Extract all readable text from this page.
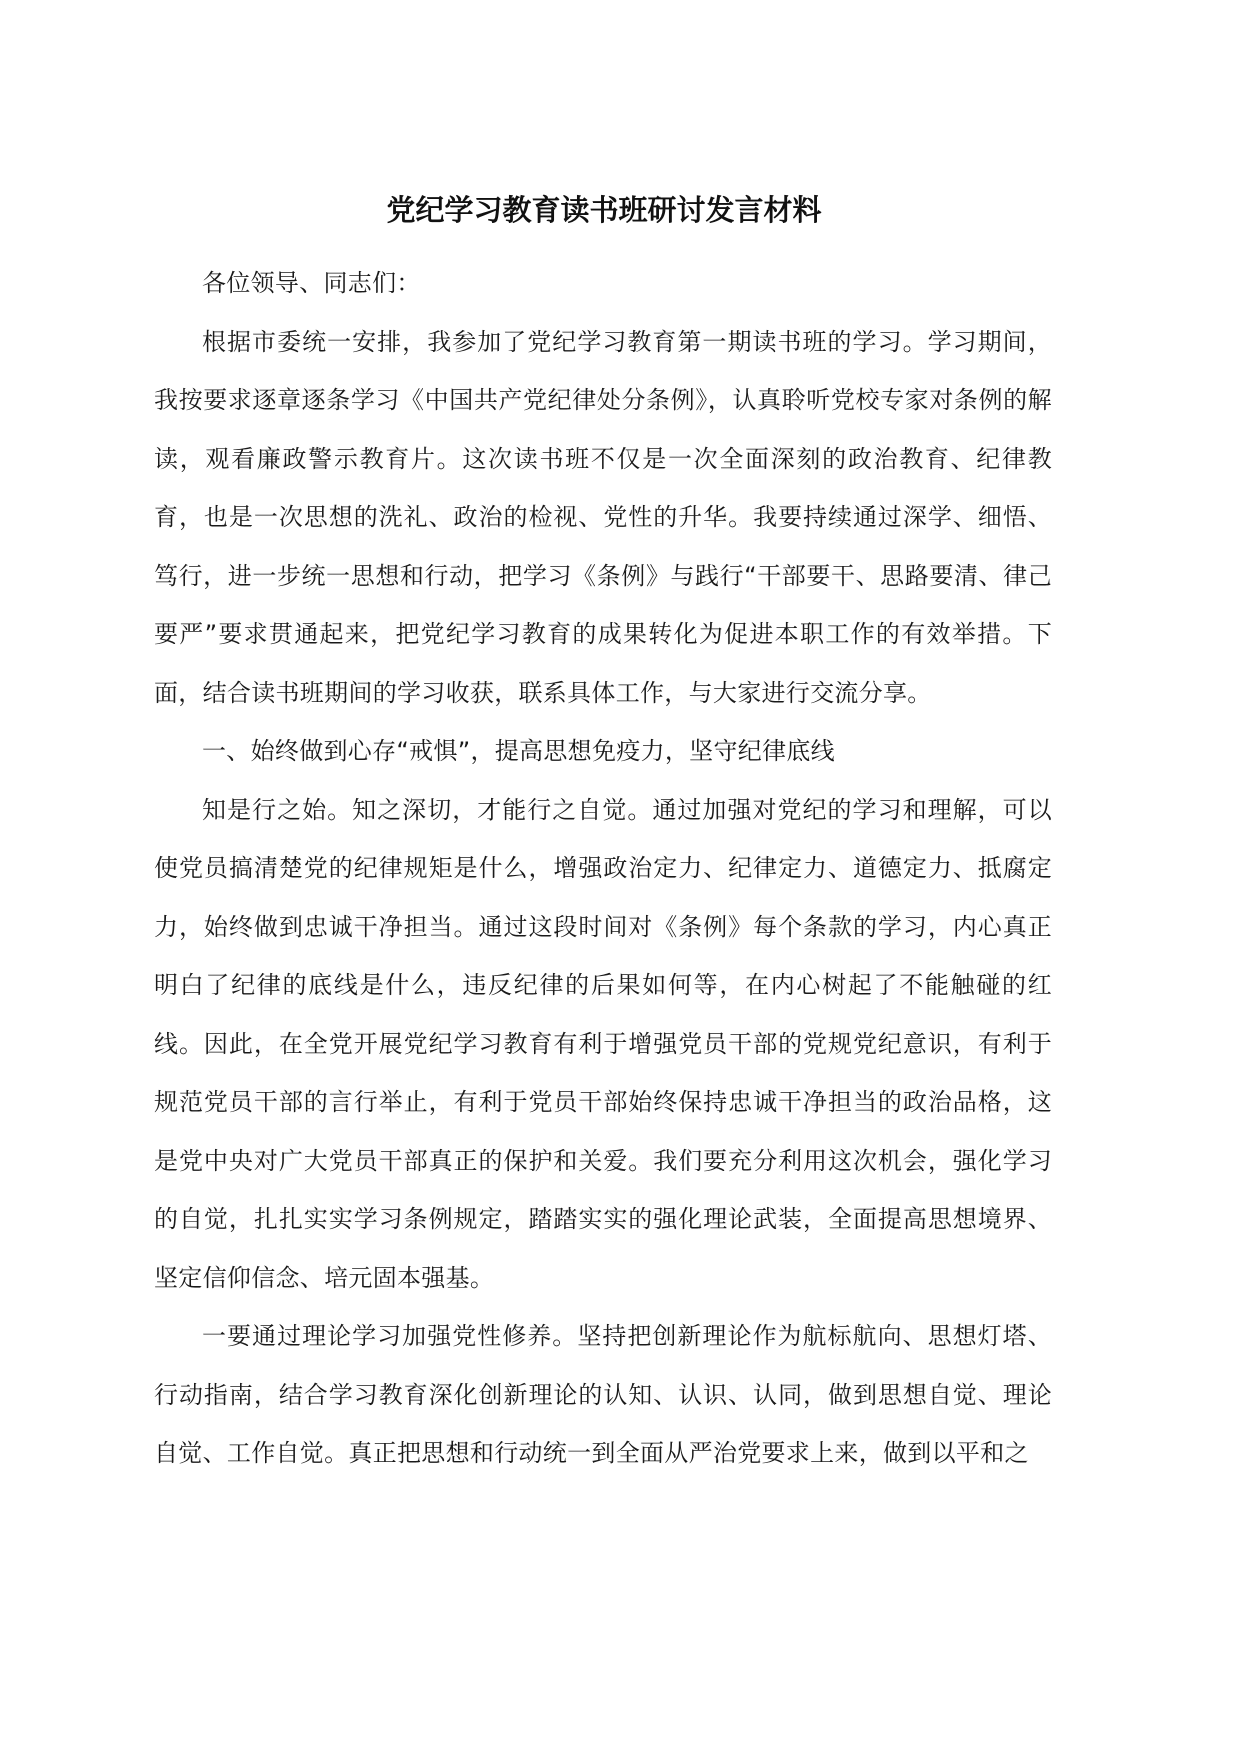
党纪学习教育读书班研讨发言材料

各位领导、同志们：

根据市委统一安排，我参加了党纪学习教育第一期读书班的学习。学习期间，我按要求逐章逐条学习《中国共产党纪律处分条例》，认真聆听党校专家对条例的解读，观看廉政警示教育片。这次读书班不仅是一次全面深刻的政治教育、纪律教育，也是一次思想的洗礼、政治的检视、党性的升华。我要持续通过深学、细悟、笃行，进一步统一思想和行动，把学习《条例》与践行“干部要干、思路要清、律己要严”要求贯通起来，把党纪学习教育的成果转化为促进本职工作的有效举措。下面，结合读书班期间的学习收获，联系具体工作，与大家进行交流分享。

一、始终做到心存“戒惧”，提高思想免疫力，坚守纪律底线

知是行之始。知之深切，才能行之自觉。通过加强对党纪的学习和理解，可以使党员搞清楚党的纪律规矩是什么，增强政治定力、纪律定力、道德定力、抵腐定力，始终做到忠诚干净担当。通过这段时间对《条例》每个条款的学习，内心真正明白了纪律的底线是什么，违反纪律的后果如何等，在内心树起了不能触碰的红线。因此，在全党开展党纪学习教育有利于增强党员干部的党规党纪意识，有利于规范党员干部的言行举止，有利于党员干部始终保持忠诚干净担当的政治品格，这是党中央对广大党员干部真正的保护和关爱。我们要充分利用这次机会，强化学习的自觉，扎扎实实学习条例规定，踏踏实实的强化理论武装，全面提高思想境界、坚定信仰信念、培元固本强基。

一要通过理论学习加强党性修养。坚持把创新理论作为航标航向、思想灯塔、行动指南，结合学习教育深化创新理论的认知、认识、认同，做到思想自觉、理论自觉、工作自觉。真正把思想和行动统一到全面从严治党要求上来，做到以平和之
